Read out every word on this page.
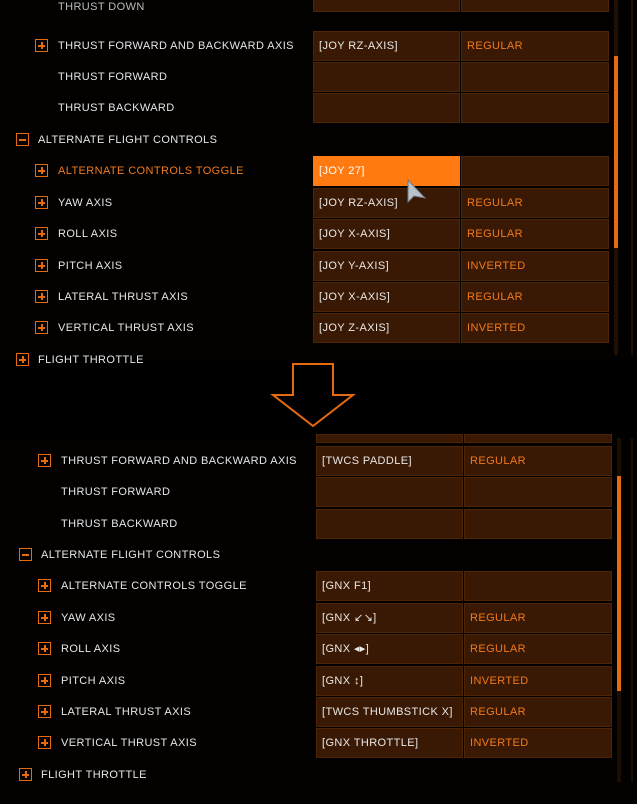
THRUST DOWN
THRUST FORWARD AND BACKWARD AXIS	[JOY RZ-AXIS]	REGULAR
THRUST FORWARD
THRUST BACKWARD
ALTERNATE FLIGHT CONTROLS
ALTERNATE CONTROLS TOGGLE	[JOY 27]
YAW AXIS	[JOY RZ-AXIS]	REGULAR
ROLL AXIS	[JOY X-AXIS]	REGULAR
PITCH AXIS	[JOY Y-AXIS]	INVERTED
LATERAL THRUST AXIS	[JOY X-AXIS]	REGULAR
VERTICAL THRUST AXIS	[JOY Z-AXIS]	INVERTED
FLIGHT THROTTLE
THRUST FORWARD AND BACKWARD AXIS	[TWCS PADDLE]	REGULAR
THRUST FORWARD
THRUST BACKWARD
ALTERNATE FLIGHT CONTROLS
ALTERNATE CONTROLS TOGGLE	[GNX F1]
YAW AXIS	[GNX ↙︎↘︎]	REGULAR
ROLL AXIS	[GNX ◂▸]	REGULAR
PITCH AXIS	[GNX ↕]	INVERTED
LATERAL THRUST AXIS	[TWCS THUMBSTICK X]	REGULAR
VERTICAL THRUST AXIS	[GNX THROTTLE]	INVERTED
FLIGHT THROTTLE
